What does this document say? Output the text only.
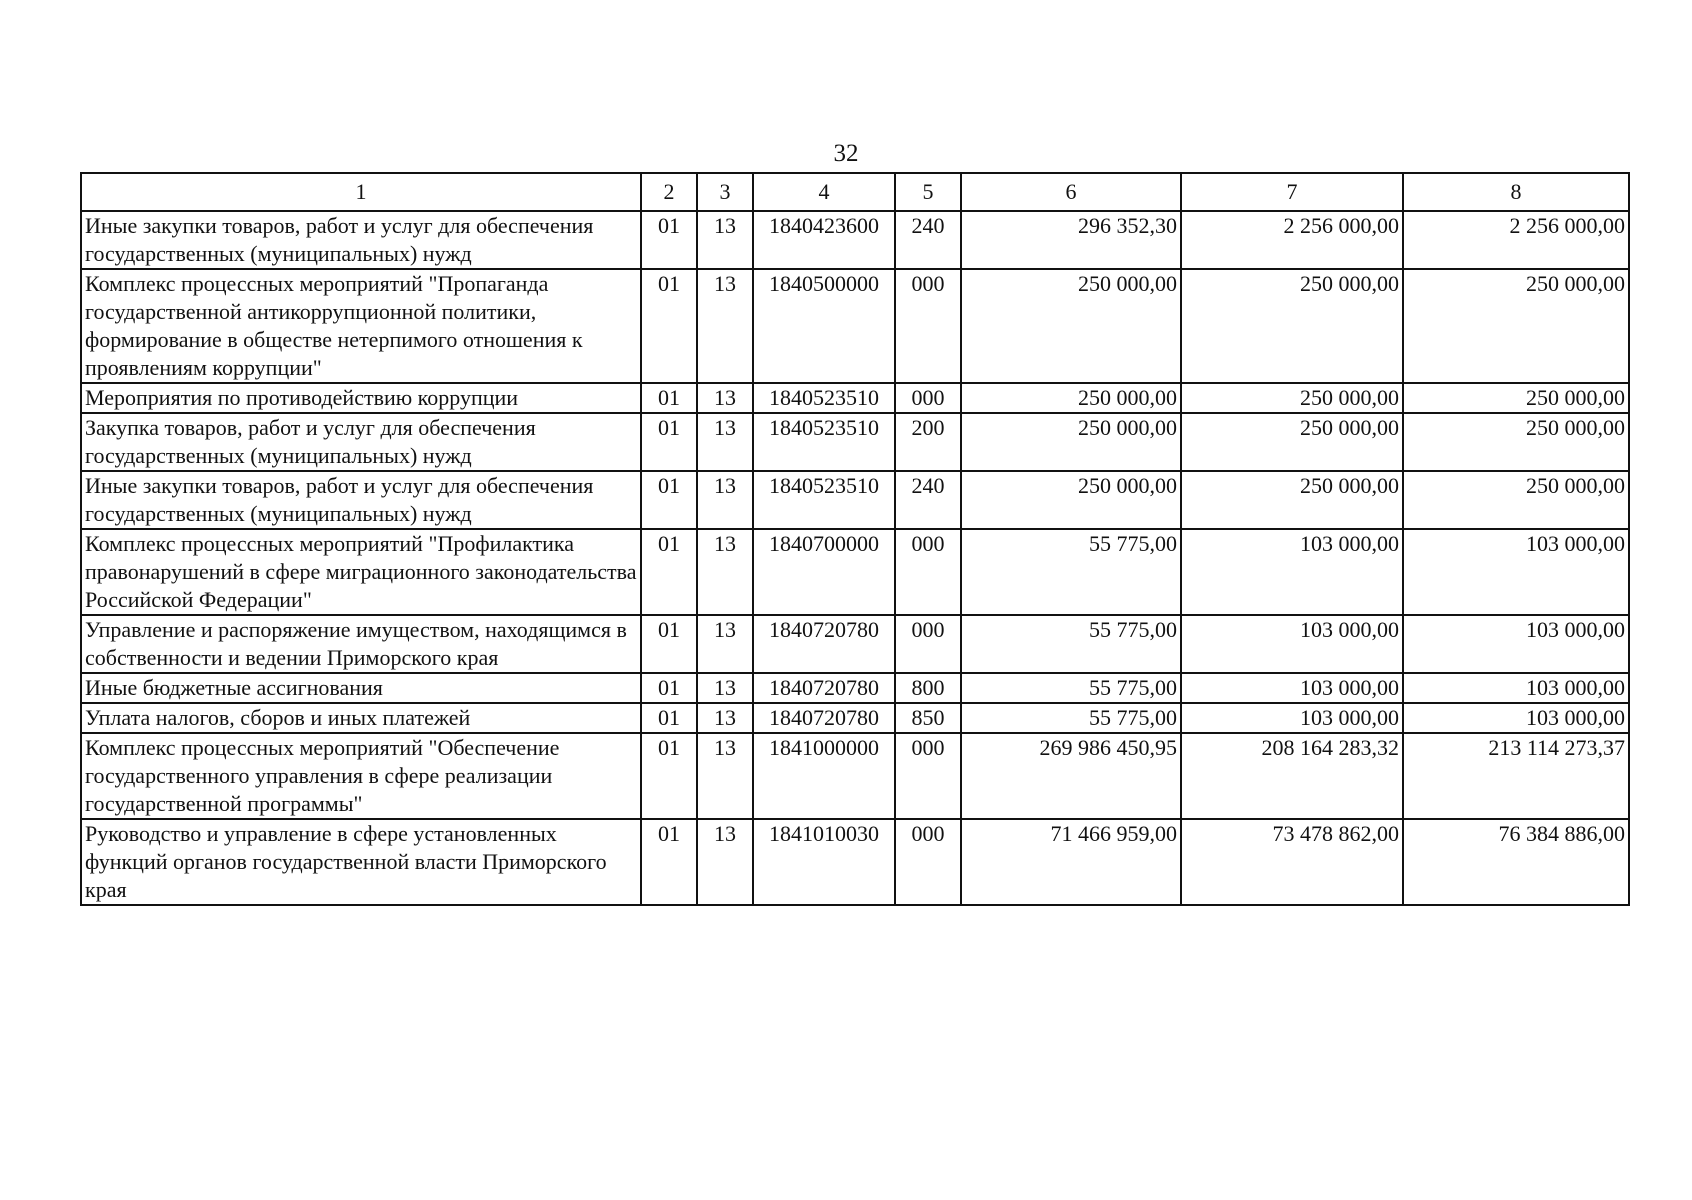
32
1	2	3	4	5	6	7	8
Иные закупки товаров, работ и услуг для обеспечения государственных (муниципальных) нужд	01	13	1840423600	240	296 352,30	2 256 000,00	2 256 000,00
Комплекс процессных мероприятий "Пропаганда государственной антикоррупционной политики, формирование в обществе нетерпимого отношения к проявлениям коррупции"	01	13	1840500000	000	250 000,00	250 000,00	250 000,00
Мероприятия по противодействию коррупции	01	13	1840523510	000	250 000,00	250 000,00	250 000,00
Закупка товаров, работ и услуг для обеспечения государственных (муниципальных) нужд	01	13	1840523510	200	250 000,00	250 000,00	250 000,00
Иные закупки товаров, работ и услуг для обеспечения государственных (муниципальных) нужд	01	13	1840523510	240	250 000,00	250 000,00	250 000,00
Комплекс процессных мероприятий "Профилактика правонарушений в сфере миграционного законодательства Российской Федерации"	01	13	1840700000	000	55 775,00	103 000,00	103 000,00
Управление и распоряжение имуществом, находящимся в собственности и ведении Приморского края	01	13	1840720780	000	55 775,00	103 000,00	103 000,00
Иные бюджетные ассигнования	01	13	1840720780	800	55 775,00	103 000,00	103 000,00
Уплата налогов, сборов и иных платежей	01	13	1840720780	850	55 775,00	103 000,00	103 000,00
Комплекс процессных мероприятий "Обеспечение государственного управления в сфере реализации государственной программы"	01	13	1841000000	000	269 986 450,95	208 164 283,32	213 114 273,37
Руководство и управление в сфере установленных функций органов государственной власти Приморского края	01	13	1841010030	000	71 466 959,00	73 478 862,00	76 384 886,00
